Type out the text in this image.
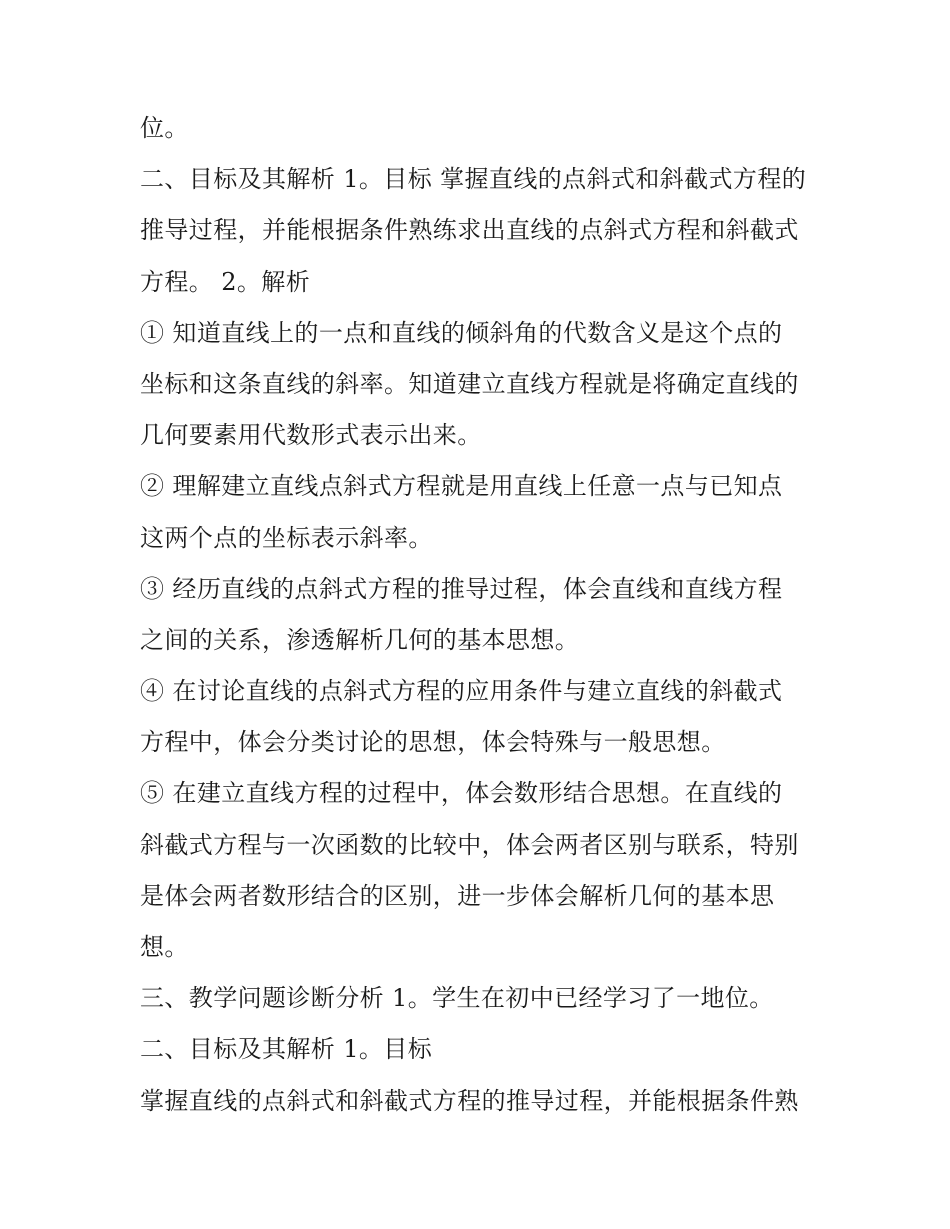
位。
二、目标及其解析 1。目标 掌握直线的点斜式和斜截式方程的
推导过程，并能根据条件熟练求出直线的点斜式方程和斜截式
方程。 2。解析
① 知道直线上的一点和直线的倾斜角的代数含义是这个点的
坐标和这条直线的斜率。知道建立直线方程就是将确定直线的
几何要素用代数形式表示出来。
② 理解建立直线点斜式方程就是用直线上任意一点与已知点
这两个点的坐标表示斜率。
③ 经历直线的点斜式方程的推导过程，体会直线和直线方程
之间的关系，渗透解析几何的基本思想。
④ 在讨论直线的点斜式方程的应用条件与建立直线的斜截式
方程中，体会分类讨论的思想，体会特殊与一般思想。
⑤ 在建立直线方程的过程中，体会数形结合思想。在直线的
斜截式方程与一次函数的比较中，体会两者区别与联系，特别
是体会两者数形结合的区别，进一步体会解析几何的基本思
想。
三、教学问题诊断分析 1。学生在初中已经学习了一地位。
二、目标及其解析 1。目标
掌握直线的点斜式和斜截式方程的推导过程，并能根据条件熟
